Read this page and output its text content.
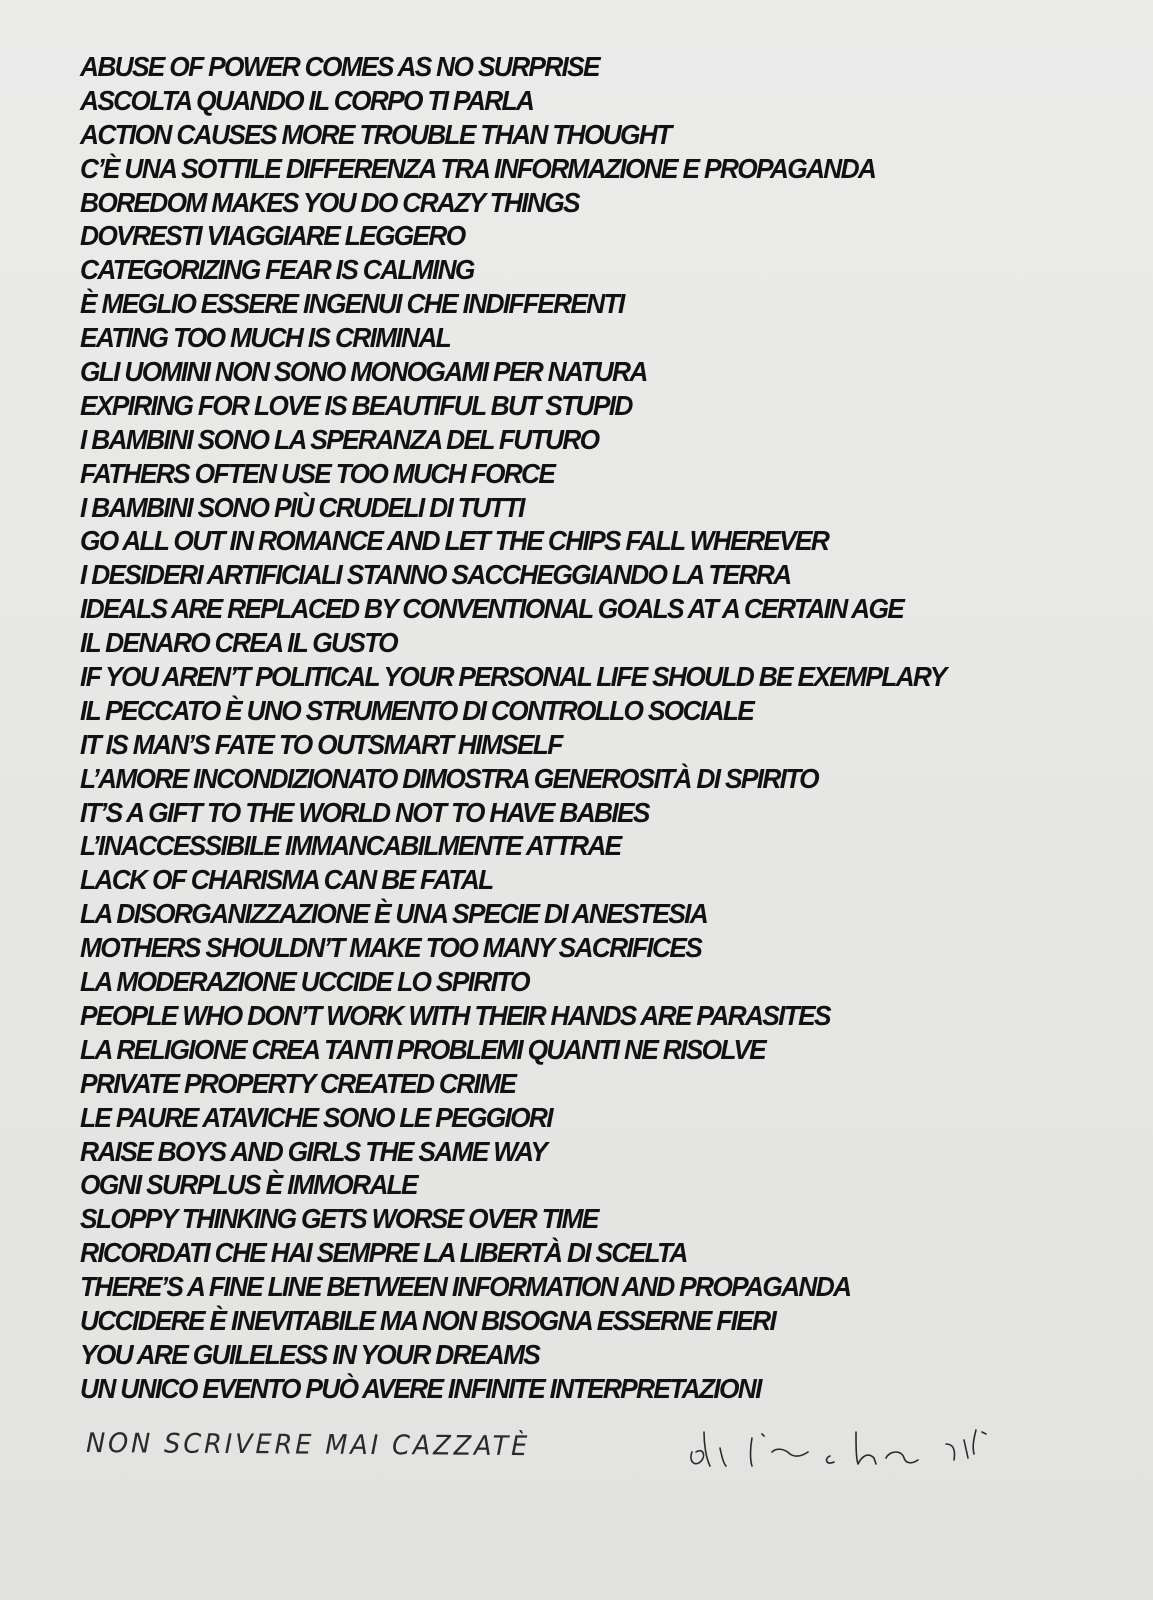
ABUSE OF POWER COMES AS NO SURPRISE
ASCOLTA QUANDO IL CORPO TI PARLA
ACTION CAUSES MORE TROUBLE THAN THOUGHT
C’È UNA SOTTILE DIFFERENZA TRA INFORMAZIONE E PROPAGANDA
BOREDOM MAKES YOU DO CRAZY THINGS
DOVRESTI VIAGGIARE LEGGERO
CATEGORIZING FEAR IS CALMING
È MEGLIO ESSERE INGENUI CHE INDIFFERENTI
EATING TOO MUCH IS CRIMINAL
GLI UOMINI NON SONO MONOGAMI PER NATURA
EXPIRING FOR LOVE IS BEAUTIFUL BUT STUPID
I BAMBINI SONO LA SPERANZA DEL FUTURO
FATHERS OFTEN USE TOO MUCH FORCE
I BAMBINI SONO PIÙ CRUDELI DI TUTTI
GO ALL OUT IN ROMANCE AND LET THE CHIPS FALL WHEREVER
I DESIDERI ARTIFICIALI STANNO SACCHEGGIANDO LA TERRA
IDEALS ARE REPLACED BY CONVENTIONAL GOALS AT A CERTAIN AGE
IL DENARO CREA IL GUSTO
IF YOU AREN’T POLITICAL YOUR PERSONAL LIFE SHOULD BE EXEMPLARY
IL PECCATO È UNO STRUMENTO DI CONTROLLO SOCIALE
IT IS MAN’S FATE TO OUTSMART HIMSELF
L’AMORE INCONDIZIONATO DIMOSTRA GENEROSITÀ DI SPIRITO
IT’S A GIFT TO THE WORLD NOT TO HAVE BABIES
L’INACCESSIBILE IMMANCABILMENTE ATTRAE
LACK OF CHARISMA CAN BE FATAL
LA DISORGANIZZAZIONE È UNA SPECIE DI ANESTESIA
MOTHERS SHOULDN’T MAKE TOO MANY SACRIFICES
LA MODERAZIONE UCCIDE LO SPIRITO
PEOPLE WHO DON’T WORK WITH THEIR HANDS ARE PARASITES
LA RELIGIONE CREA TANTI PROBLEMI QUANTI NE RISOLVE
PRIVATE PROPERTY CREATED CRIME
LE PAURE ATAVICHE SONO LE PEGGIORI
RAISE BOYS AND GIRLS THE SAME WAY
OGNI SURPLUS È IMMORALE
SLOPPY THINKING GETS WORSE OVER TIME
RICORDATI CHE HAI SEMPRE LA LIBERTÀ DI SCELTA
THERE’S A FINE LINE BETWEEN INFORMATION AND PROPAGANDA
UCCIDERE È INEVITABILE MA NON BISOGNA ESSERNE FIERI
YOU ARE GUILELESS IN YOUR DREAMS
UN UNICO EVENTO PUÒ AVERE INFINITE INTERPRETAZIONI
NON SCRIVERE MAI CAZZATÈ
